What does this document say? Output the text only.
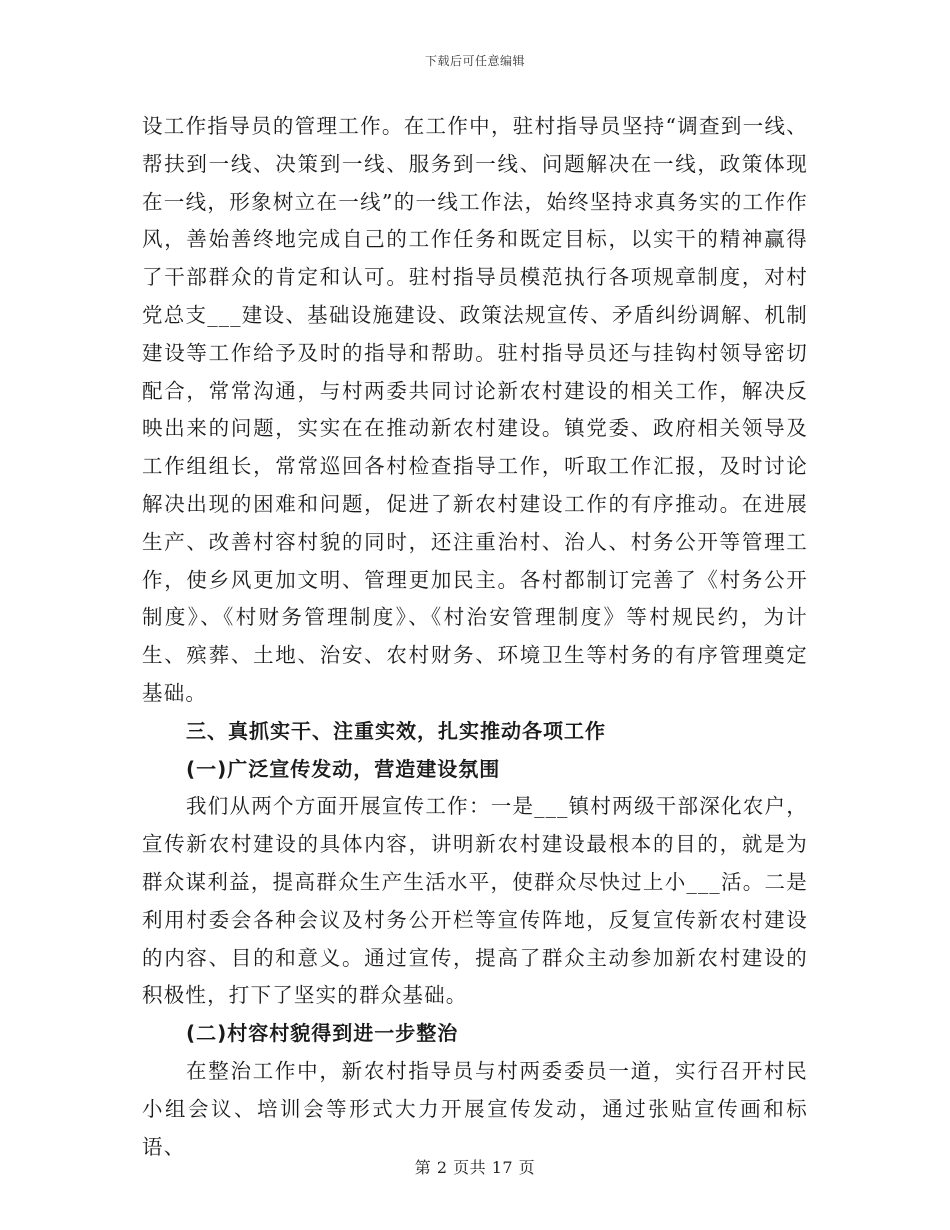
下载后可任意编辑

设工作指导员的管理工作。在工作中，驻村指导员坚持“调查到一线、帮扶到一线、决策到一线、服务到一线、问题解决在一线，政策体现在一线，形象树立在一线”的一线工作法，始终坚持求真务实的工作作风，善始善终地完成自己的工作任务和既定目标，以实干的精神赢得了干部群众的肯定和认可。驻村指导员模范执行各项规章制度，对村党总支___建设、基础设施建设、政策法规宣传、矛盾纠纷调解、机制建设等工作给予及时的指导和帮助。驻村指导员还与挂钩村领导密切配合，常常沟通，与村两委共同讨论新农村建设的相关工作，解决反映出来的问题，实实在在推动新农村建设。镇党委、政府相关领导及工作组组长，常常巡回各村检查指导工作，听取工作汇报，及时讨论解决出现的困难和问题，促进了新农村建设工作的有序推动。在进展生产、改善村容村貌的同时，还注重治村、治人、村务公开等管理工作，使乡风更加文明、管理更加民主。各村都制订完善了《村务公开制度》、《村财务管理制度》、《村治安管理制度》等村规民约，为计生、殡葬、土地、治安、农村财务、环境卫生等村务的有序管理奠定基础。

三、真抓实干、注重实效，扎实推动各项工作

(一)广泛宣传发动，营造建设氛围

我们从两个方面开展宣传工作：一是___镇村两级干部深化农户，宣传新农村建设的具体内容，讲明新农村建设最根本的目的，就是为群众谋利益，提高群众生产生活水平，使群众尽快过上小___活。二是利用村委会各种会议及村务公开栏等宣传阵地，反复宣传新农村建设的内容、目的和意义。通过宣传，提高了群众主动参加新农村建设的积极性，打下了坚实的群众基础。

(二)村容村貌得到进一步整治

在整治工作中，新农村指导员与村两委委员一道，实行召开村民小组会议、培训会等形式大力开展宣传发动，通过张贴宣传画和标语、

第 2 页共 17 页
